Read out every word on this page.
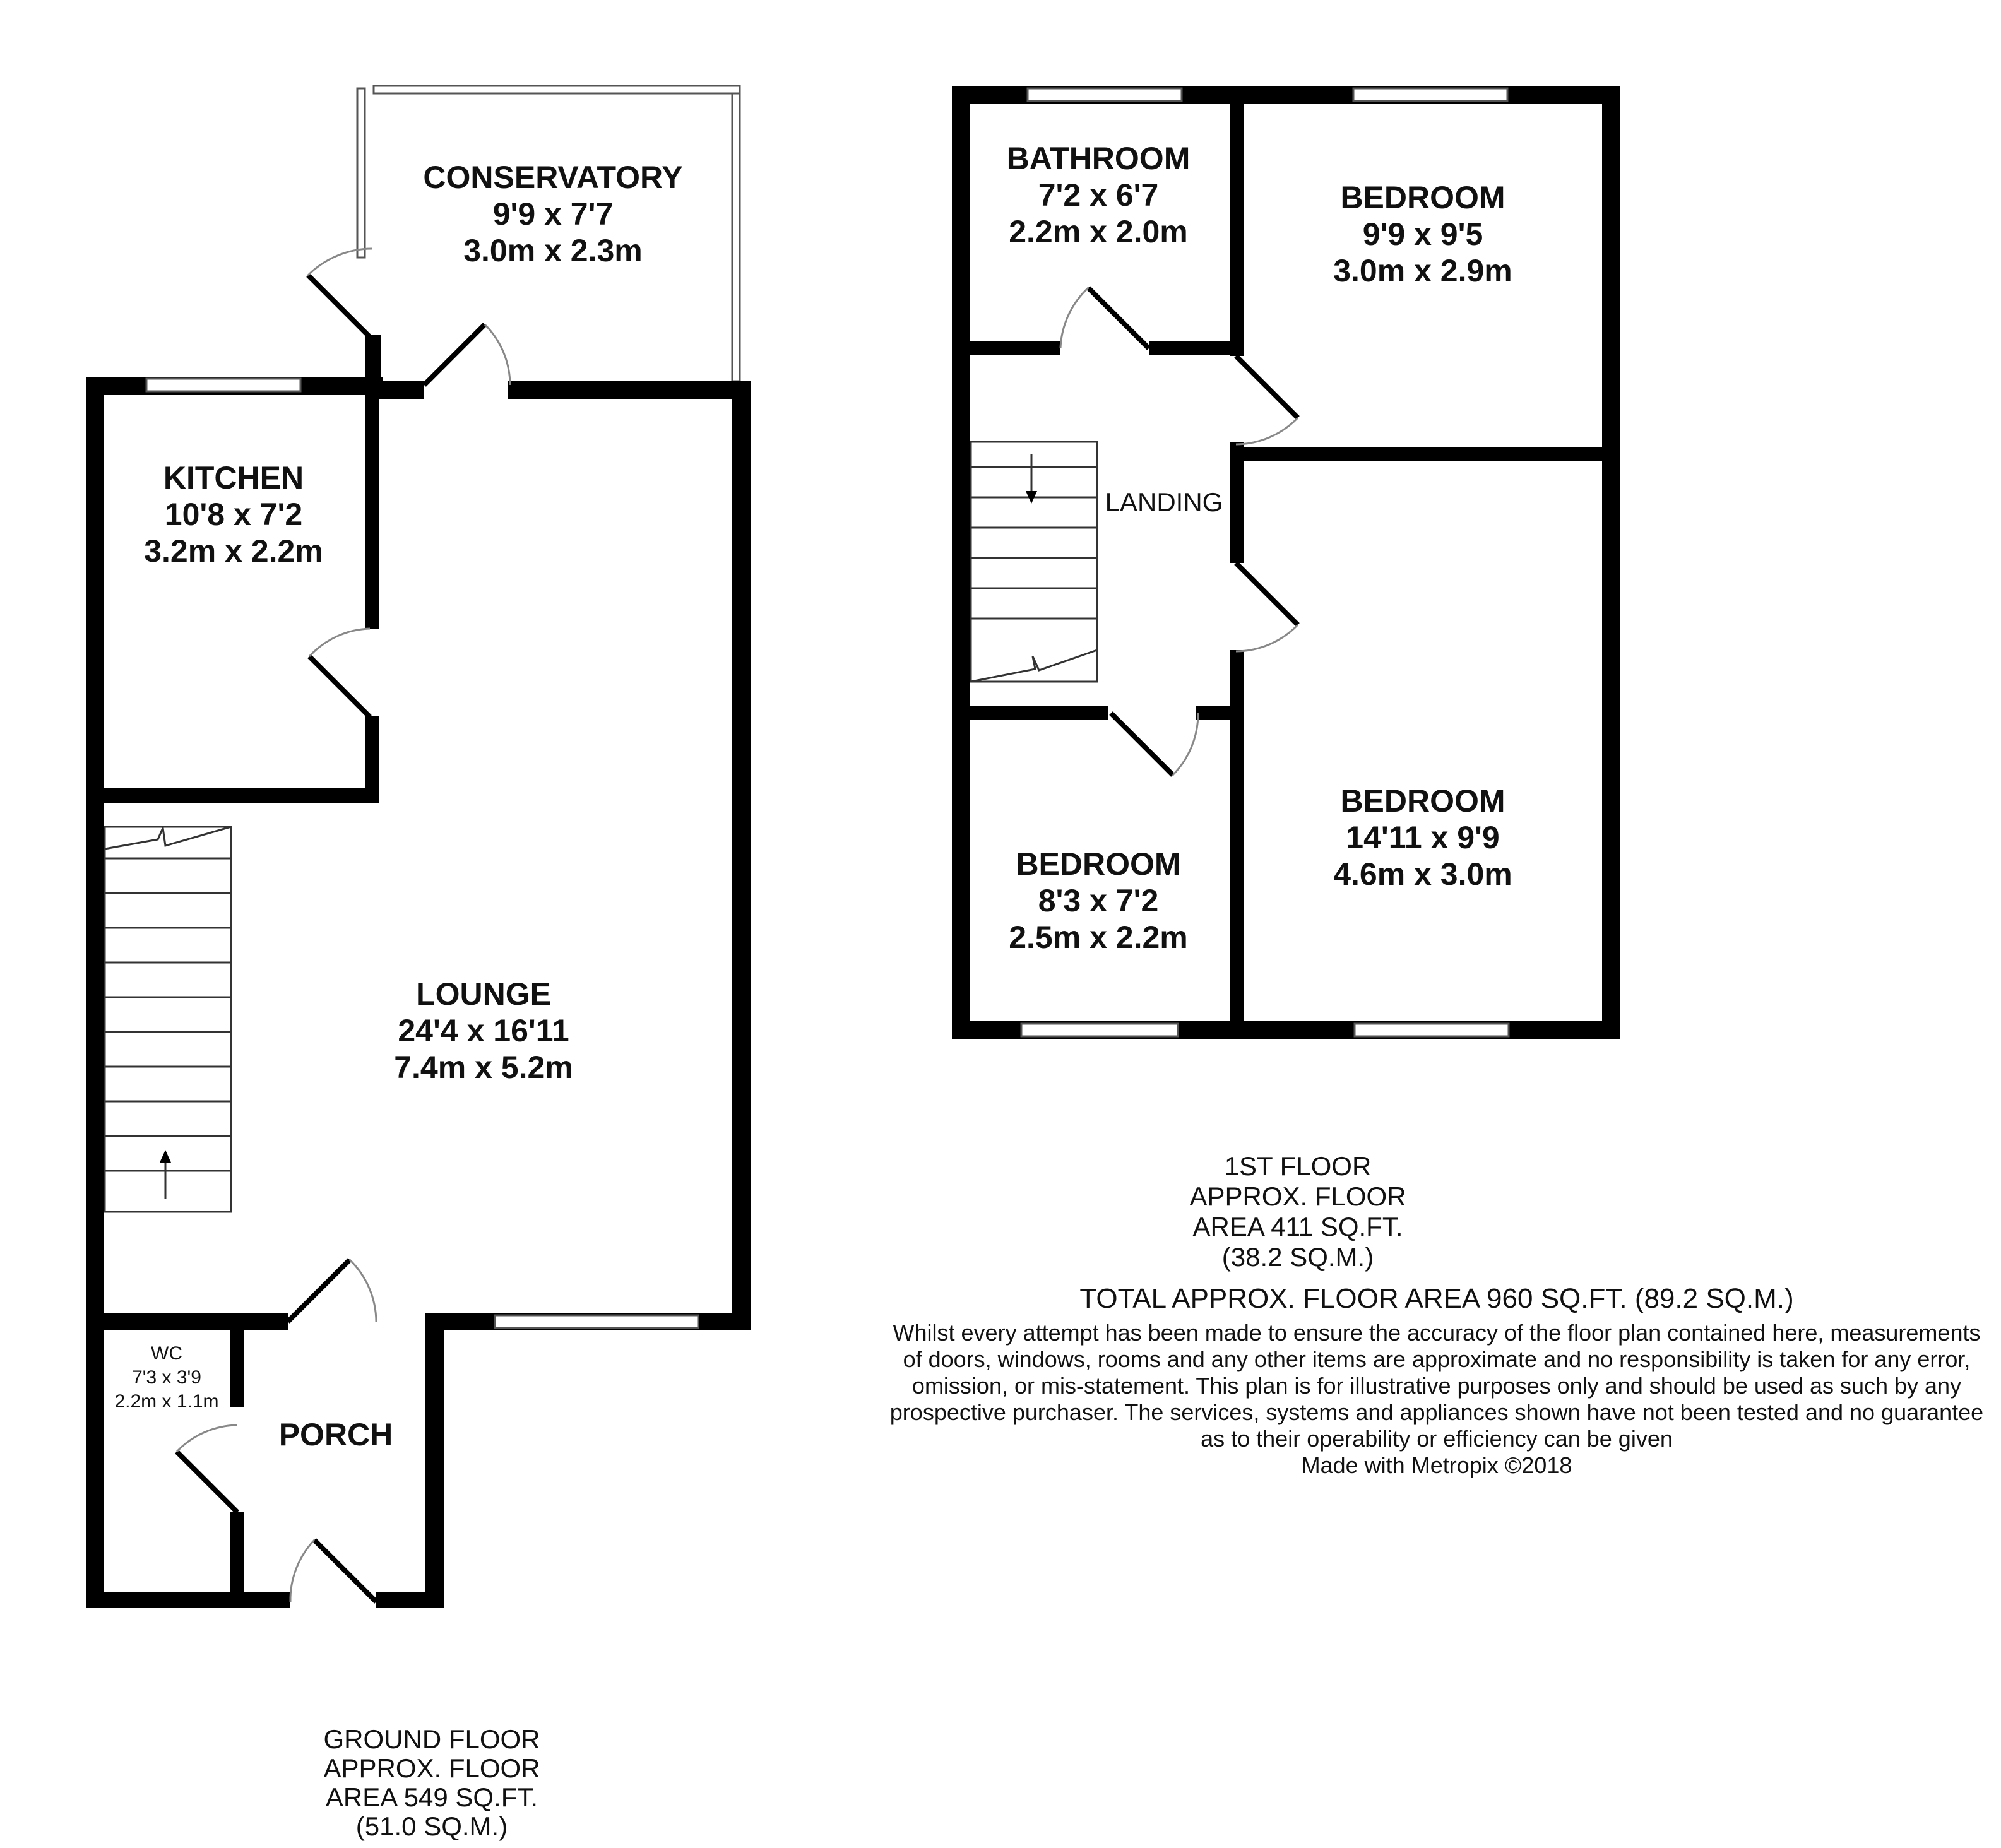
CONSERVATORY
9'9 x 7'7
3.0m x 2.3m
KITCHEN
10'8 x 7'2
3.2m x 2.2m
LOUNGE
24'4 x 16'11
7.4m x 5.2m
WC
7'3 x 3'9
2.2m x 1.1m
PORCH
GROUND FLOOR
APPROX. FLOOR
AREA 549 SQ.FT.
(51.0 SQ.M.)
BATHROOM
7'2 x 6'7
2.2m x 2.0m
BEDROOM
9'9 x 9'5
3.0m x 2.9m
LANDING
BEDROOM
8'3 x 7'2
2.5m x 2.2m
BEDROOM
14'11 x 9'9
4.6m x 3.0m
1ST FLOOR
APPROX. FLOOR
AREA 411 SQ.FT.
(38.2 SQ.M.)
TOTAL APPROX. FLOOR AREA 960 SQ.FT. (89.2 SQ.M.)
Whilst every attempt has been made to ensure the accuracy of the floor plan contained here, measurements
of doors, windows, rooms and any other items are approximate and no responsibility is taken for any error,
omission, or mis-statement. This plan is for illustrative purposes only and should be used as such by any
prospective purchaser. The services, systems and appliances shown have not been tested and no guarantee
as to their operability or efficiency can be given
Made with Metropix ©2018
